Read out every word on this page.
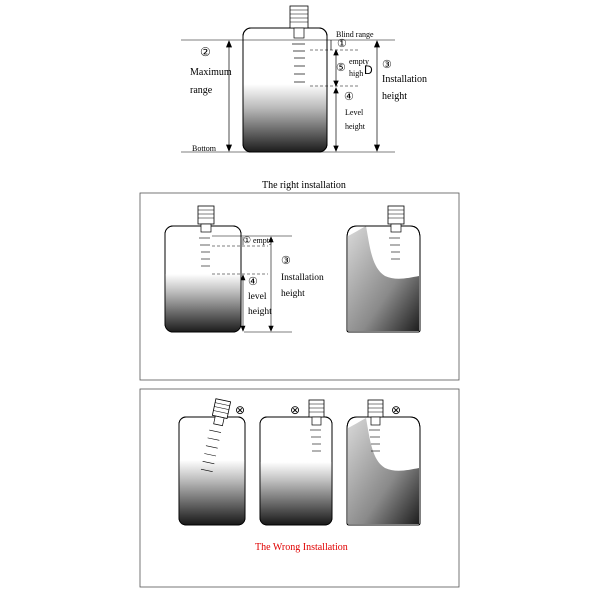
Blind range
②
Maximum
range
①
⑤
empty
high D ③
Installation
height
④
Level
height
Bottom
The right installation
① empty
③
Installation
height
④
level
height
⊗	⊗	⊗
The Wrong Installation
